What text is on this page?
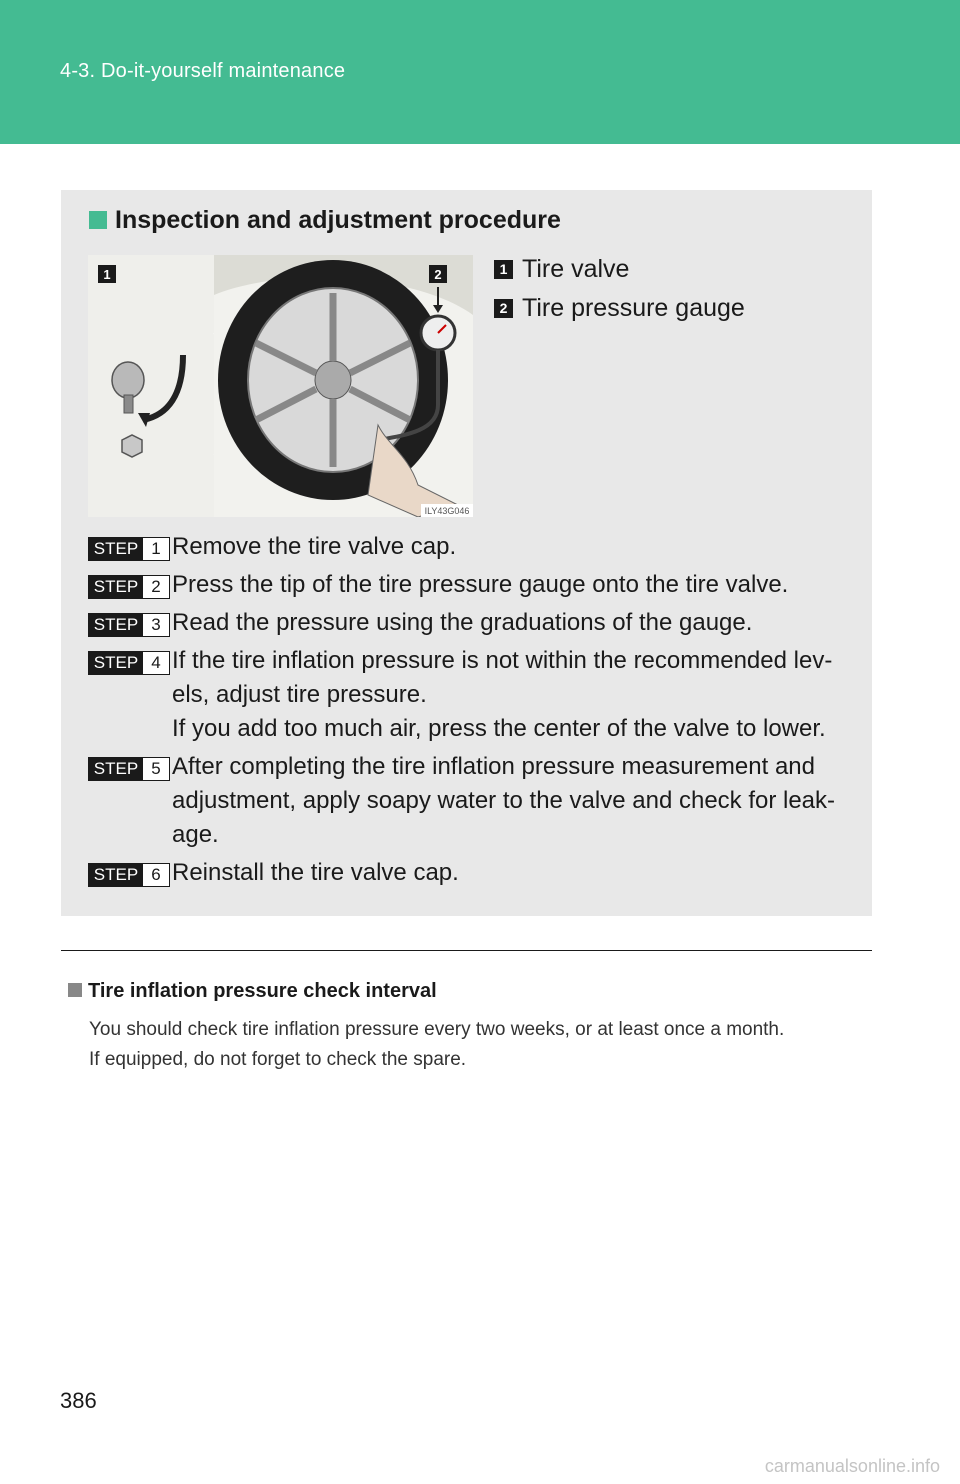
4-3. Do-it-yourself maintenance
Inspection and adjustment procedure
1	2
ILY43G046
1 Tire valve
2 Tire pressure gauge
STEP 1 Remove the tire valve cap.
STEP 2 Press the tip of the tire pressure gauge onto the tire valve.
STEP 3 Read the pressure using the graduations of the gauge.
STEP 4 If the tire inflation pressure is not within the recommended lev-els, adjust tire pressure.
If you add too much air, press the center of the valve to lower.
STEP 5 After completing the tire inflation pressure measurement and adjustment, apply soapy water to the valve and check for leak-age.
STEP 6 Reinstall the tire valve cap.
Tire inflation pressure check interval
You should check tire inflation pressure every two weeks, or at least once a month.
If equipped, do not forget to check the spare.
386
carmanualsonline.info
